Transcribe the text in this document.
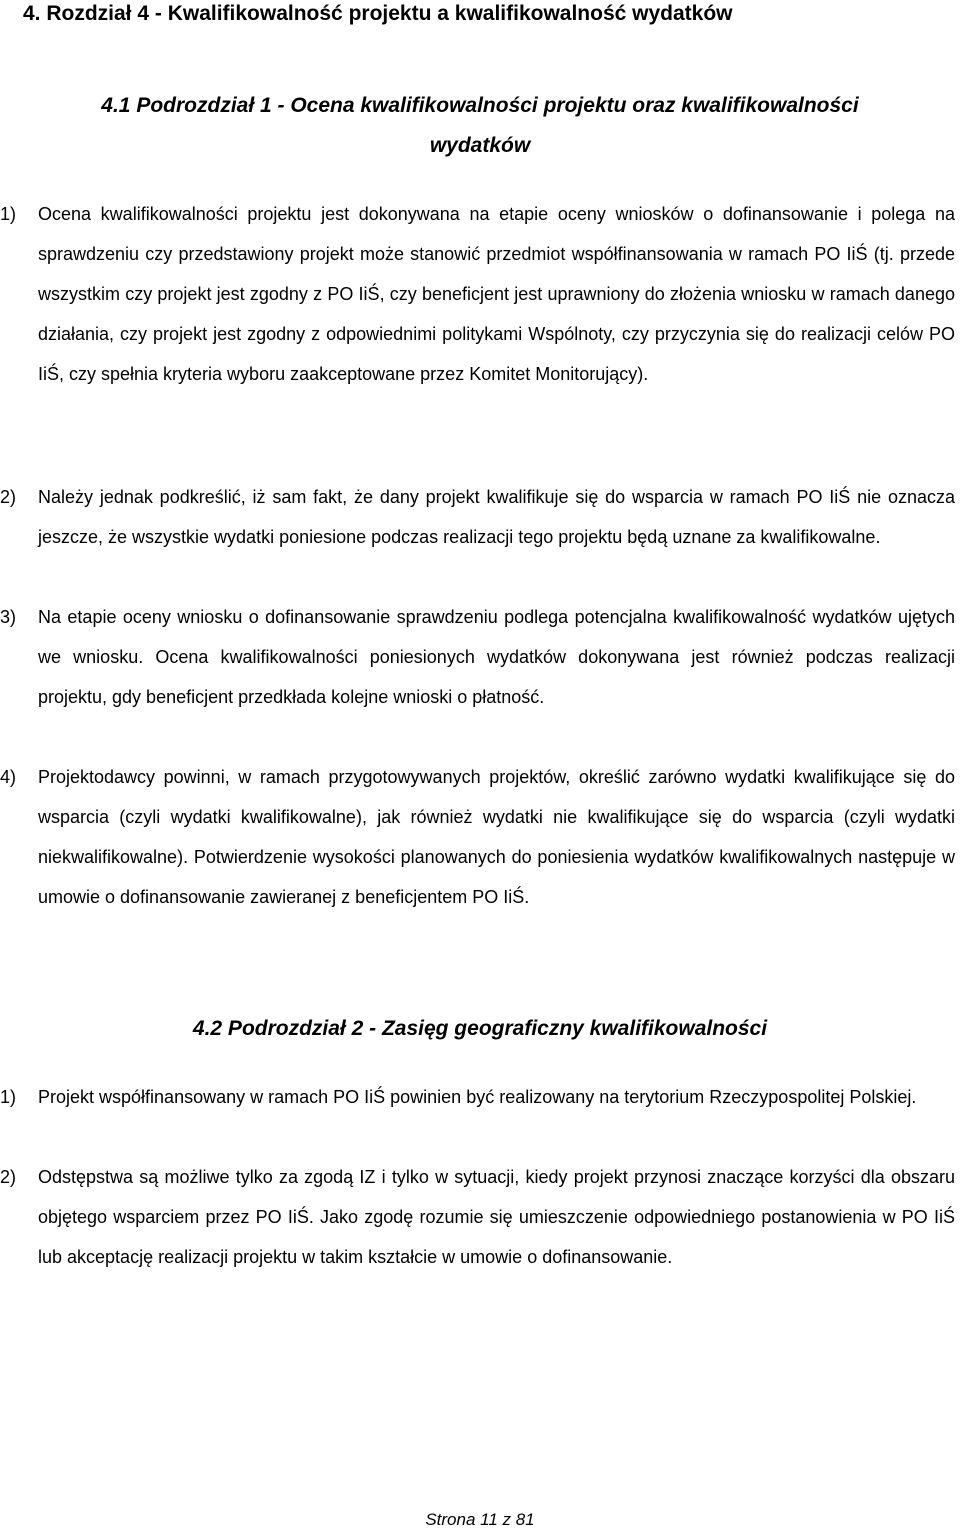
4. Rozdział 4 - Kwalifikowalność projektu a kwalifikowalność wydatków
4.1 Podrozdział 1 - Ocena kwalifikowalności projektu oraz kwalifikowalności wydatków
1)	Ocena kwalifikowalności projektu jest dokonywana na etapie oceny wniosków o dofinansowanie i polega na sprawdzeniu czy przedstawiony projekt może stanowić przedmiot współfinansowania w ramach PO IiŚ (tj. przede wszystkim czy projekt jest zgodny z PO IiŚ, czy beneficjent jest uprawniony do złożenia wniosku w ramach danego działania, czy projekt jest zgodny z odpowiednimi politykami Wspólnoty, czy przyczynia się do realizacji celów PO IiŚ, czy spełnia kryteria wyboru zaakceptowane przez Komitet Monitorujący).
2)	Należy jednak podkreślić, iż sam fakt, że dany projekt kwalifikuje się do wsparcia w ramach PO IiŚ nie oznacza jeszcze, że wszystkie wydatki poniesione podczas realizacji tego projektu będą uznane za kwalifikowalne.
3)	Na etapie oceny wniosku o dofinansowanie sprawdzeniu podlega potencjalna kwalifikowalność wydatków ujętych we wniosku. Ocena kwalifikowalności poniesionych wydatków dokonywana jest również podczas realizacji projektu, gdy beneficjent przedkłada kolejne wnioski o płatność.
4)	Projektodawcy powinni, w ramach przygotowywanych projektów, określić zarówno wydatki kwalifikujące się do wsparcia (czyli wydatki kwalifikowalne), jak również wydatki nie kwalifikujące się do wsparcia (czyli wydatki niekwalifikowalne). Potwierdzenie wysokości planowanych do poniesienia wydatków kwalifikowalnych następuje w umowie o dofinansowanie zawieranej z beneficjentem PO IiŚ.
4.2 Podrozdział 2 - Zasięg geograficzny kwalifikowalności
1)	Projekt współfinansowany w ramach PO IiŚ powinien być realizowany na terytorium Rzeczypospolitej Polskiej.
2)	Odstępstwa są możliwe tylko za zgodą IZ i tylko w sytuacji, kiedy projekt przynosi znaczące korzyści dla obszaru objętego wsparciem przez PO IiŚ. Jako zgodę rozumie się umieszczenie odpowiedniego postanowienia w PO IiŚ lub akceptację realizacji projektu w takim kształcie w umowie o dofinansowanie.
Strona 11 z 81
